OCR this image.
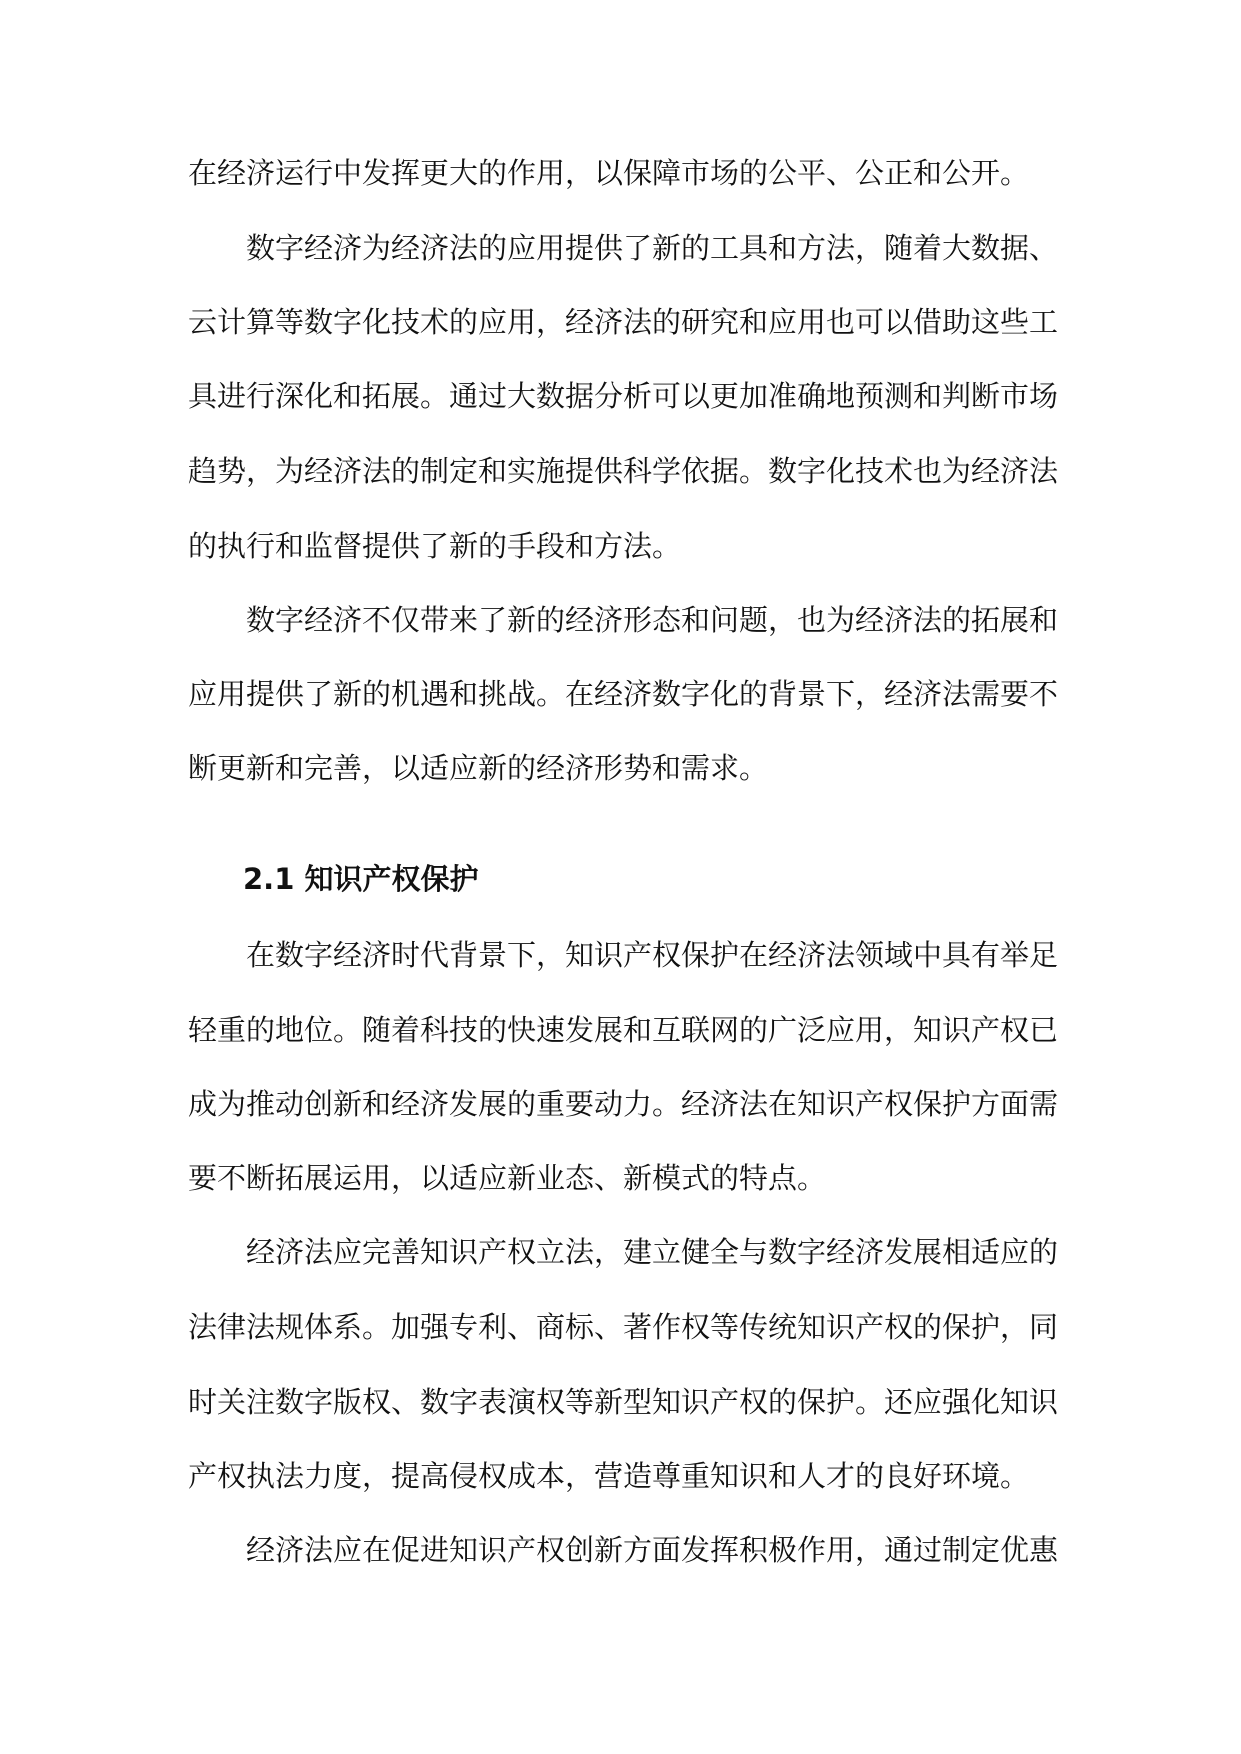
在经济运行中发挥更大的作用，以保障市场的公平、公正和公开。
数字经济为经济法的应用提供了新的工具和方法，随着大数据、
云计算等数字化技术的应用，经济法的研究和应用也可以借助这些工
具进行深化和拓展。通过大数据分析可以更加准确地预测和判断市场
趋势，为经济法的制定和实施提供科学依据。数字化技术也为经济法
的执行和监督提供了新的手段和方法。
数字经济不仅带来了新的经济形态和问题，也为经济法的拓展和
应用提供了新的机遇和挑战。在经济数字化的背景下，经济法需要不
断更新和完善，以适应新的经济形势和需求。
2.1 知识产权保护
在数字经济时代背景下，知识产权保护在经济法领域中具有举足
轻重的地位。随着科技的快速发展和互联网的广泛应用，知识产权已
成为推动创新和经济发展的重要动力。经济法在知识产权保护方面需
要不断拓展运用，以适应新业态、新模式的特点。
经济法应完善知识产权立法，建立健全与数字经济发展相适应的
法律法规体系。加强专利、商标、著作权等传统知识产权的保护，同
时关注数字版权、数字表演权等新型知识产权的保护。还应强化知识
产权执法力度，提高侵权成本，营造尊重知识和人才的良好环境。
经济法应在促进知识产权创新方面发挥积极作用，通过制定优惠
